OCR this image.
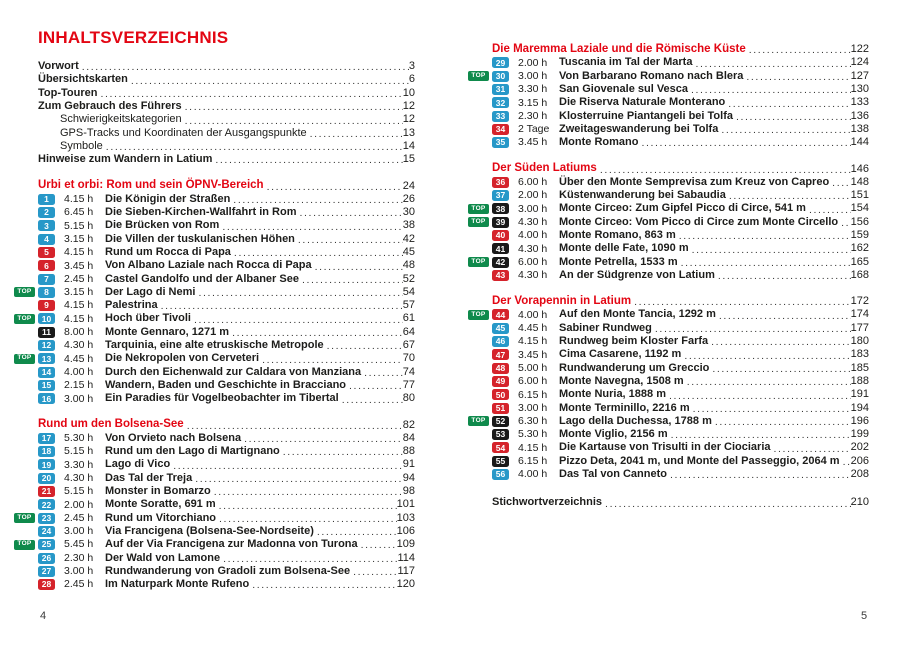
INHALTSVERZEICHNIS
Vorwort .....	3
Übersichtskarten .....	6
Top-Touren .....	10
Zum Gebrauch des Führers .....	12
Schwierigkeitskategorien .....	12
GPS-Tracks und Koordinaten der Ausgangspunkte .....	13
Symbole .....	14
Hinweise zum Wandern in Latium .....	15
Urbi et orbi: Rom und sein ÖPNV-Bereich .....	24
1	4.15 h	Die Königin der Straßen .....	26
2	6.45 h	Die Sieben-Kirchen-Wallfahrt in Rom .....	30
3	5.15 h	Die Brücken von Rom .....	38
4	3.15 h	Die Villen der tuskulanischen Höhen .....	42
5	4.15 h	Rund um Rocca di Papa .....	45
6	3.45 h	Von Albano Laziale nach Rocca di Papa .....	48
7	2.45 h	Castel Gandolfo und der Albaner See .....	52
TOP	8	3.15 h	Der Lago di Nemi .....	54
9	4.15 h	Palestrina .....	57
TOP	10	4.15 h	Hoch über Tivoli .....	61
11	8.00 h	Monte Gennaro, 1271 m .....	64
12	4.30 h	Tarquinia, eine alte etruskische Metropole .....	67
TOP	13	4.45 h	Die Nekropolen von Cerveteri .....	70
14	4.00 h	Durch den Eichenwald zur Caldara von Manziana .....	74
15	2.15 h	Wandern, Baden und Geschichte in Bracciano .....	77
16	3.00 h	Ein Paradies für Vogelbeobachter im Tibertal .....	80
Rund um den Bolsena-See .....	82
17	5.30 h	Von Orvieto nach Bolsena .....	84
18	5.15 h	Rund um den Lago di Martignano .....	88
19	3.30 h	Lago di Vico .....	91
20	4.30 h	Das Tal der Treja .....	94
21	5.15 h	Monster in Bomarzo .....	98
22	2.00 h	Monte Soratte, 691 m .....	101
TOP	23	2.45 h	Rund um Vitorchiano .....	103
24	3.00 h	Via Francigena (Bolsena-See-Nordseite) .....	106
TOP	25	5.45 h	Auf der Via Francigena zur Madonna von Turona .....	109
26	2.30 h	Der Wald von Lamone .....	114
27	3.00 h	Rundwanderung von Gradoli zum Bolsena-See .....	117
28	2.45 h	Im Naturpark Monte Rufeno .....	120
Die Maremma Laziale und die Römische Küste .....	122
29	2.00 h	Tuscania im Tal der Marta .....	124
TOP	30	3.00 h	Von Barbarano Romano nach Blera .....	127
31	3.30 h	San Giovenale sul Vesca .....	130
32	3.15 h	Die Riserva Naturale Monterano .....	133
33	2.30 h	Klosterruine Piantangeli bei Tolfa .....	136
34	2 Tage Zweitageswanderung bei Tolfa .....	138
35	3.45 h	Monte Romano .....	144
Der Süden Latiums .....	146
36	6.00 h	Über den Monte Semprevisa zum Kreuz von Capreo ..... 148
37	2.00 h	Küstenwanderung bei Sabaudia .....	151
TOP	38	3.00 h	Monte Circeo: Zum Gipfel Picco di Circe, 541 m .....	154
TOP	39	4.30 h	Monte Circeo: Vom Picco di Circe zum Monte Circello ..... 156
40	4.00 h	Monte Romano, 863 m .....	159
41	4.30 h	Monte delle Fate, 1090 m .....	162
TOP	42	6.00 h	Monte Petrella, 1533 m .....	165
43	4.30 h	An der Südgrenze von Latium .....	168
Der Vorapennin in Latium .....	172
TOP	44	4.00 h	Auf den Monte Tancia, 1292 m .....	174
45	4.45 h	Sabiner Rundweg .....	177
46	4.15 h	Rundweg beim Kloster Farfa .....	180
47	3.45 h	Cima Casarene, 1192 m .....	183
48	5.00 h	Rundwanderung um Greccio .....	185
49	6.00 h	Monte Navegna, 1508 m .....	188
50	6.15 h	Monte Nuria, 1888 m .....	191
51	3.00 h	Monte Terminillo, 2216 m .....	194
TOP	52	6.30 h	Lago della Duchessa, 1788 m .....	196
53	5.30 h	Monte Viglio, 2156 m .....	199
54	4.15 h	Die Kartause von Trisulti in der Ciociaria .....	202
55	6.15 h	Pizzo Deta, 2041 m, und Monte del Passeggio, 2064 m ..... 206
56	4.00 h	Das Tal von Canneto .....	208
Stichwortverzeichnis .....	210
4	5
